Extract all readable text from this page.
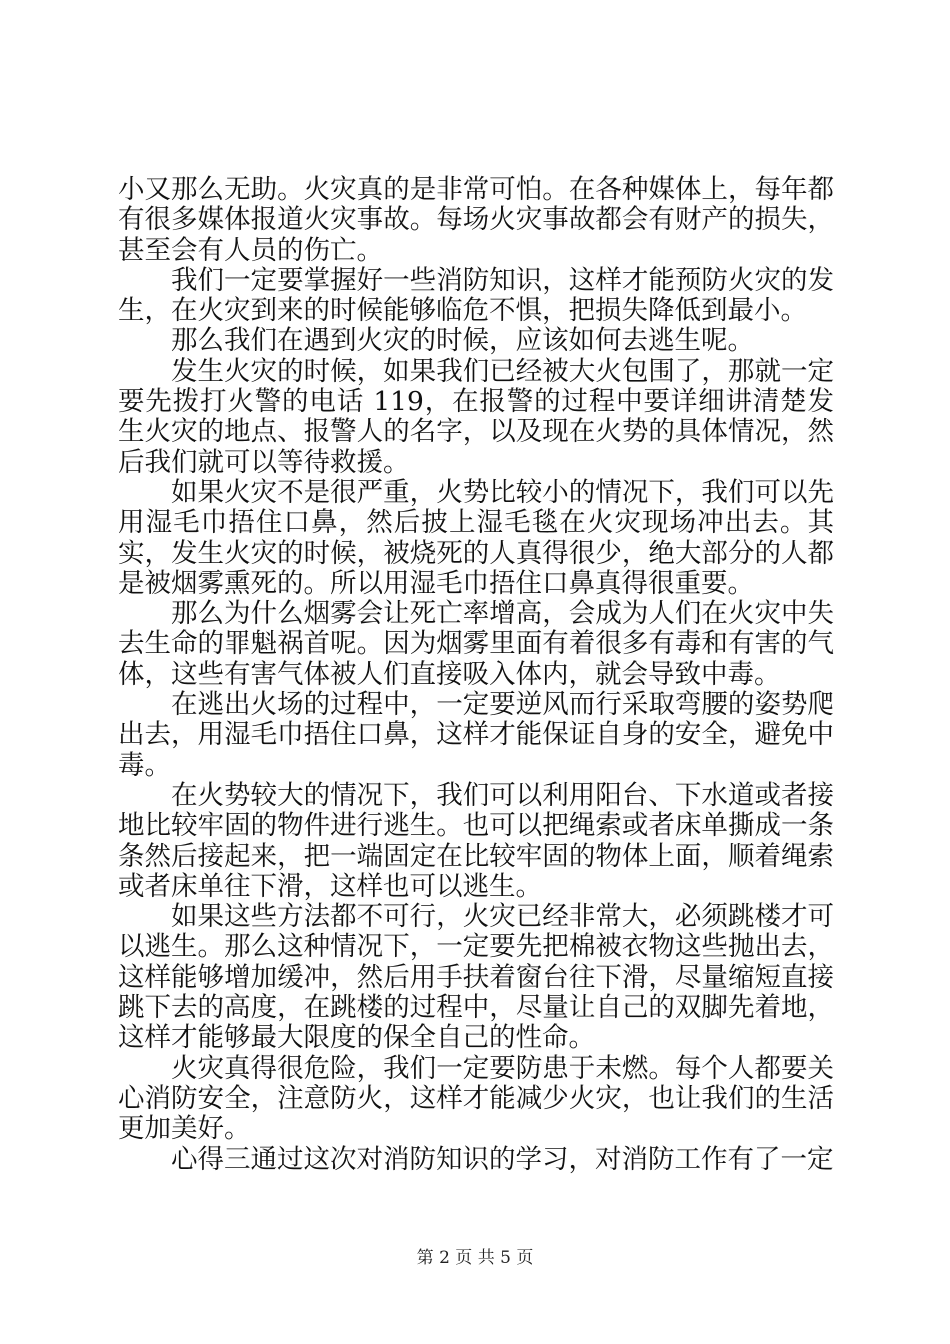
小又那么无助。火灾真的是非常可怕。在各种媒体上，每年都有很多媒体报道火灾事故。每场火灾事故都会有财产的损失，甚至会有人员的伤亡。

我们一定要掌握好一些消防知识，这样才能预防火灾的发生，在火灾到来的时候能够临危不惧，把损失降低到最小。

那么我们在遇到火灾的时候，应该如何去逃生呢。

发生火灾的时候，如果我们已经被大火包围了，那就一定要先拨打火警的电话 119，在报警的过程中要详细讲清楚发生火灾的地点、报警人的名字，以及现在火势的具体情况，然后我们就可以等待救援。

如果火灾不是很严重，火势比较小的情况下，我们可以先用湿毛巾捂住口鼻，然后披上湿毛毯在火灾现场冲出去。其实，发生火灾的时候，被烧死的人真得很少，绝大部分的人都是被烟雾熏死的。所以用湿毛巾捂住口鼻真得很重要。

那么为什么烟雾会让死亡率增高，会成为人们在火灾中失去生命的罪魁祸首呢。因为烟雾里面有着很多有毒和有害的气体，这些有害气体被人们直接吸入体内，就会导致中毒。

在逃出火场的过程中，一定要逆风而行采取弯腰的姿势爬出去，用湿毛巾捂住口鼻，这样才能保证自身的安全，避免中毒。

在火势较大的情况下，我们可以利用阳台、下水道或者接地比较牢固的物件进行逃生。也可以把绳索或者床单撕成一条条然后接起来，把一端固定在比较牢固的物体上面，顺着绳索或者床单往下滑，这样也可以逃生。

如果这些方法都不可行，火灾已经非常大，必须跳楼才可以逃生。那么这种情况下，一定要先把棉被衣物这些抛出去，这样能够增加缓冲，然后用手扶着窗台往下滑，尽量缩短直接跳下去的高度，在跳楼的过程中，尽量让自己的双脚先着地，这样才能够最大限度的保全自己的性命。

火灾真得很危险，我们一定要防患于未燃。每个人都要关心消防安全，注意防火，这样才能减少火灾，也让我们的生活更加美好。

心得三通过这次对消防知识的学习，对消防工作有了一定

第 2 页 共 5 页
